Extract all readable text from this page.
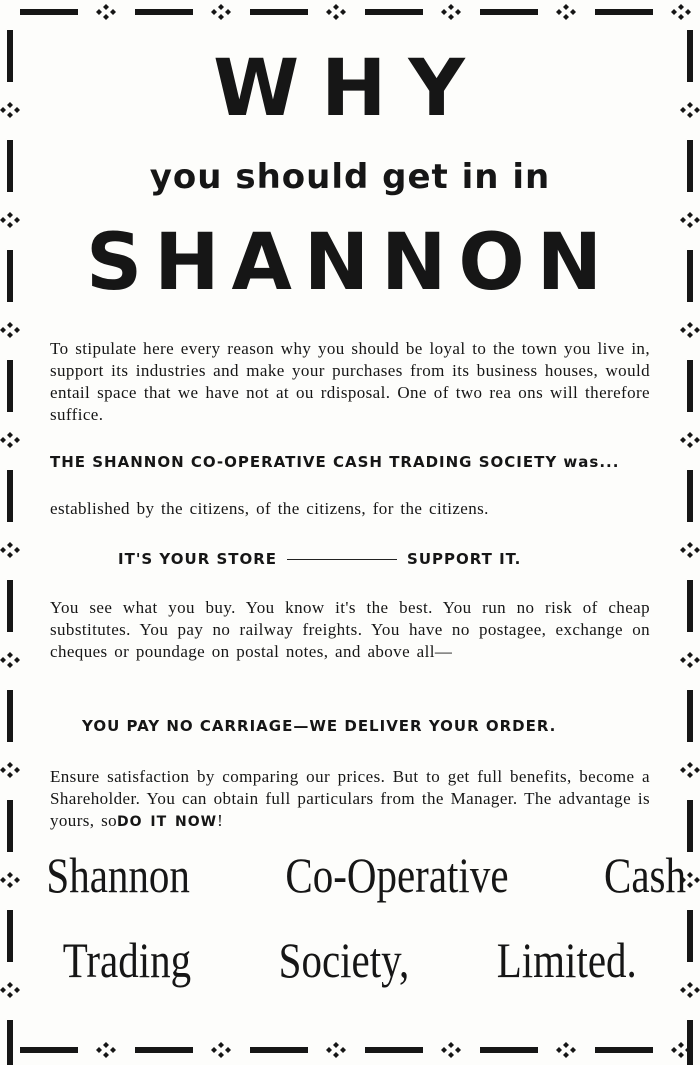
WHY
you should get in in
SHANNON
To stipulate here every reason why you should be loyal to the town you live in, support its industries and make your purchases from its business houses, would entail space that we have not at ou rdisposal. One of two rea ons will therefore suffice.
THE SHANNON CO-OPERATIVE CASH TRADING SOCIETY was...
established by the citizens, of the citizens, for the citizens.
IT'S YOUR STORE	SUPPORT IT.
You see what you buy. You know it's the best. You run no risk of cheap substitutes. You pay no railway freights. You have no postagee, exchange on cheques or poundage on postal notes, and above all—
YOU PAY NO CARRIAGE—WE DELIVER YOUR ORDER.
Ensure satisfaction by comparing our prices. But to get full benefits, become a Shareholder. You can obtain full particulars from the Manager. The advantage is yours, soDO IT NOW!
Shannon Co-Operative Cash
Trading Society, Limited.
